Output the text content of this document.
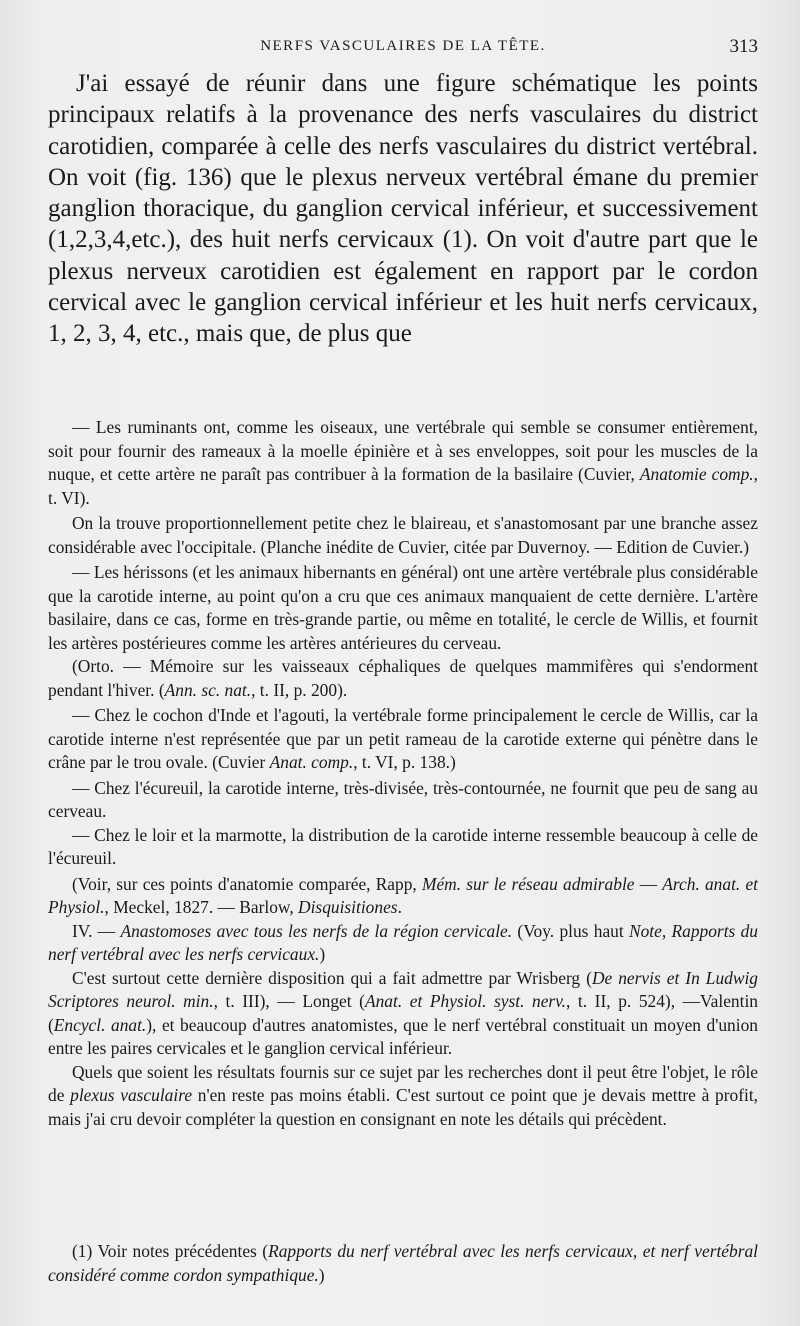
NERFS VASCULAIRES DE LA TÊTE.	313

J'ai essayé de réunir dans une figure schématique les points principaux relatifs à la provenance des nerfs vasculaires du district carotidien, comparée à celle des nerfs vasculaires du district vertébral. On voit (fig. 136) que le plexus nerveux vertébral émane du premier ganglion thoracique, du ganglion cervical inférieur, et successivement (1,2,3,4,etc.), des huit nerfs cervicaux (1). On voit d'autre part que le plexus nerveux carotidien est également en rapport par le cordon cervical avec le ganglion cervical inférieur et les huit nerfs cervicaux, 1, 2, 3, 4, etc., mais que, de plus que

— Les ruminants ont, comme les oiseaux, une vertébrale qui semble se consumer entièrement, soit pour fournir des rameaux à la moelle épinière et à ses enveloppes, soit pour les muscles de la nuque, et cette artère ne paraît pas contribuer à la formation de la basilaire (Cuvier, Anatomie comp., t. VI).

On la trouve proportionnellement petite chez le blaireau, et s'anastomosant par une branche assez considérable avec l'occipitale. (Planche inédite de Cuvier, citée par Duvernoy. — Edition de Cuvier.)

— Les hérissons (et les animaux hibernants en général) ont une artère vertébrale plus considérable que la carotide interne, au point qu'on a cru que ces animaux manquaient de cette dernière. L'artère basilaire, dans ce cas, forme en très-grande partie, ou même en totalité, le cercle de Willis, et fournit les artères postérieures comme les artères antérieures du cerveau.

(Orto. — Mémoire sur les vaisseaux céphaliques de quelques mammifères qui s'endorment pendant l'hiver. (Ann. sc. nat., t. II, p. 200).

— Chez le cochon d'Inde et l'agouti, la vertébrale forme principalement le cercle de Willis, car la carotide interne n'est représentée que par un petit rameau de la carotide externe qui pénètre dans le crâne par le trou ovale. (Cuvier Anat. comp., t. VI, p. 138.)

— Chez l'écureuil, la carotide interne, très-divisée, très-contournée, ne fournit que peu de sang au cerveau.

— Chez le loir et la marmotte, la distribution de la carotide interne ressemble beaucoup à celle de l'écureuil.

(Voir, sur ces points d'anatomie comparée, Rapp, Mém. sur le réseau admirable — Arch. anat. et Physiol., Meckel, 1827. — Barlow, Disquisitiones.

IV. — Anastomoses avec tous les nerfs de la région cervicale. (Voy. plus haut Note, Rapports du nerf vertébral avec les nerfs cervicaux.)

C'est surtout cette dernière disposition qui a fait admettre par Wrisberg (De nervis et In Ludwig Scriptores neurol. min., t. III), — Longet (Anat. et Physiol. syst. nerv., t. II, p. 524), —Valentin (Encycl. anat.), et beaucoup d'autres anatomistes, que le nerf vertébral constituait un moyen d'union entre les paires cervicales et le ganglion cervical inférieur.

Quels que soient les résultats fournis sur ce sujet par les recherches dont il peut être l'objet, le rôle de plexus vasculaire n'en reste pas moins établi. C'est surtout ce point que je devais mettre à profit, mais j'ai cru devoir compléter la question en consignant en note les détails qui précèdent.

(1) Voir notes précédentes (Rapports du nerf vertébral avec les nerfs cervicaux, et nerf vertébral considéré comme cordon sympathique.)
